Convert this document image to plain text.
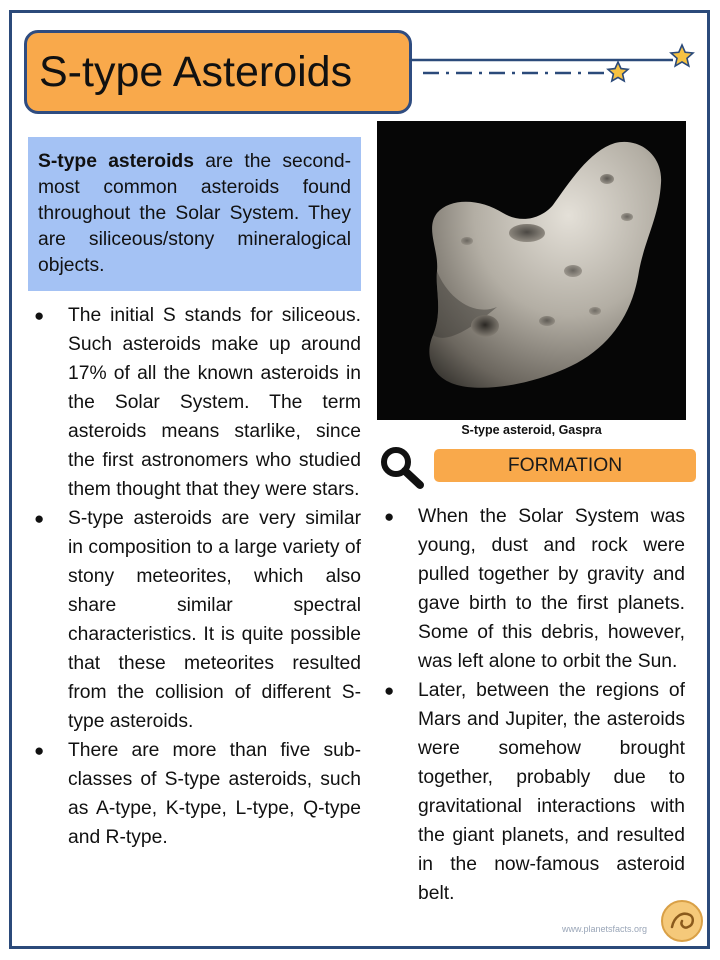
S-type Asteroids
S-type asteroids are the second-most common asteroids found throughout the Solar System. They are siliceous/stony mineralogical objects.
● The initial S stands for siliceous. Such asteroids make up around 17% of all the known asteroids in the Solar System. The term asteroids means starlike, since the first astronomers who studied them thought that they were stars.
● S-type asteroids are very similar in composition to a large variety of stony meteorites, which also share similar spectral characteristics. It is quite possible that these meteorites resulted from the collision of different S-type asteroids.
● There are more than five sub-classes of S-type asteroids, such as A-type, K-type, L-type, Q-type and R-type.
S-type asteroid, Gaspra
FORMATION
● When the Solar System was young, dust and rock were pulled together by gravity and gave birth to the first planets. Some of this debris, however, was left alone to orbit the Sun.
● Later, between the regions of Mars and Jupiter, the asteroids were somehow brought together, probably due to gravitational interactions with the giant planets, and resulted in the now-famous asteroid belt.
www.planetsfacts.org
